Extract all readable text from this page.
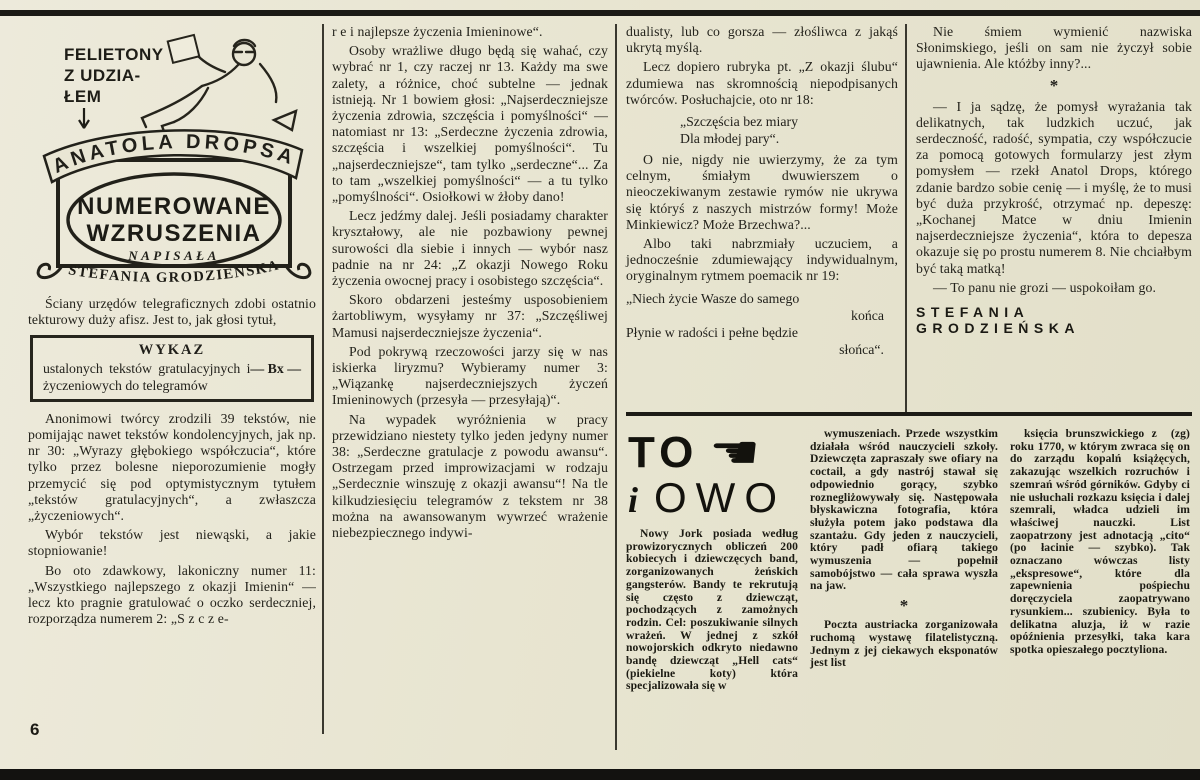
FELIETONY
Z UDZIA-
ŁEM
ANATOLA DROPSA
NUMEROWANE
WZRUSZENIA
NAPISAŁA
STEFANIA GRODZIEŃSKA

Ściany urzędów telegraficznych zdobi ostatnio tekturowy duży afisz. Jest to, jak głosi tytuł,

WYKAZ

— Bx —
ustalonych tekstów gratulacyjnych i życzeniowych do telegramów

Anonimowi twórcy zrodzili 39 tekstów, nie pomijając nawet tekstów kondolencyjnych, jak np. nr 30: „Wyrazy głębokiego współczucia“, które tylko przez bolesne nieporozumienie mogły przemycić się pod optymistycznym tytułem „tekstów gratulacyjnych“, a zwłaszcza „życzeniowych“.

Wybór tekstów jest niewąski, a jakie stopniowanie!

Bo oto zdawkowy, lakoniczny numer 11: „Wszystkiego najlepszego z okazji Imienin“ — lecz kto pragnie gratulować o oczko serdeczniej, rozporządza numerem 2: „S z c z e-

r e i najlepsze życzenia Imieninowe“.

Osoby wrażliwe długo będą się wahać, czy wybrać nr 1, czy raczej nr 13. Każdy ma swe zalety, a różnice, choć subtelne — jednak istnieją. Nr 1 bowiem głosi: „Najserdeczniejsze życzenia zdrowia, szczęścia i pomyślności“ — natomiast nr 13: „Serdeczne życzenia zdrowia, szczęścia i wszelkiej pomyślności“. Tu „najserdeczniejsze“, tam tylko „serdeczne“... Za to tam „wszelkiej pomyślności“ — a tu tylko „pomyślności“. Osiołkowi w żłoby dano!

Lecz jedźmy dalej. Jeśli posiadamy charakter kryształowy, ale nie pozbawiony pewnej surowości dla siebie i innych — wybór nasz padnie na nr 24: „Z okazji Nowego Roku życzenia owocnej pracy i osobistego szczęścia“.

Skoro obdarzeni jesteśmy usposobieniem żartobliwym, wysyłamy nr 37: „Szczęśliwej Mamusi najserdeczniejsze życzenia“.

Pod pokrywą rzeczowości jarzy się w nas iskierka liryzmu? Wybieramy numer 3: „Wiązankę najserdeczniejszych życzeń Imieninowych (przesyła — przesyłają)“.

Na wypadek wyróżnienia w pracy przewidziano niestety tylko jeden jedyny numer 38: „Serdeczne gratulacje z powodu awansu“. Ostrzegam przed improwizacjami w rodzaju „Serdecznie winszuję z okazji awansu“! Na tle kilkudziesięciu telegramów z tekstem nr 38 można na awansowanym wywrzeć wrażenie niebezpiecznego indywi-

dualisty, lub co gorsza — złośliwca z jakąś ukrytą myślą.

Lecz dopiero rubryka pt. „Z okazji ślubu“ zdumiewa nas skromnością niepodpisanych twórców. Posłuchajcie, oto nr 18:

„Szczęścia bez miary
Dla młodej pary“.

O nie, nigdy nie uwierzymy, że za tym celnym, śmiałym dwuwierszem o nieoczekiwanym zestawie rymów nie ukrywa się któryś z naszych mistrzów formy! Może Minkiewicz? Może Brzechwa?...

Albo taki nabrzmiały uczuciem, a jednocześnie zdumiewający indywidualnym, oryginalnym rytmem poemacik nr 19:

„Niech życie Wasze do samego
końca
Płynie w radości i pełne będzie
słońca“.

Nie śmiem wymienić nazwiska Słonimskiego, jeśli on sam nie życzył sobie ujawnienia. Ale któżby inny?...

*

— I ja sądzę, że pomysł wyrażania tak delikatnych, tak ludzkich uczuć, jak serdeczność, radość, sympatia, czy współczucie za pomocą gotowych formularzy jest złym pomysłem — rzekł Anatol Drops, którego zdanie bardzo sobie cenię — i myślę, że to musi być duża przykrość, otrzymać np. depeszę: „Kochanej Matce w dniu Imienin najserdeczniejsze życzenia“, która to depesza okazuje się po prostu numerem 8. Nie chciałbym być taką matką!

— To panu nie grozi — uspokoiłam go.

STEFANIA GRODZIEŃSKA
TO ☚
i OWO

Nowy Jork posiada według prowizorycznych obliczeń 200 kobiecych i dziewczęcych band, zorganizowanych żeńskich gangsterów. Bandy te rekrutują się często z dziewcząt, pochodzących z zamożnych rodzin. Cel: poszukiwanie silnych wrażeń. W jednej z szkół nowojorskich odkryto niedawno bandę dziewcząt „Hell cats“ (piekielne koty) która specjalizowała się w

wymuszeniach. Przede wszystkim działała wśród nauczycieli szkoły. Dziewczęta zapraszały swe ofiary na coctail, a gdy nastrój stawał się odpowiednio gorący, szybko roznegliżowywały się. Następowała błyskawiczna fotografia, która służyła potem jako podstawa dla szantażu. Gdy jeden z nauczycieli, który padł ofiarą takiego wymuszenia — popełnił samobójstwo — cała sprawa wyszła na jaw.

*

Poczta austriacka zorganizowała ruchomą wystawę filatelistyczną. Jednym z jej ciekawych eksponatów jest list

(zg)
księcia brunszwickiego z roku 1770, w którym zwraca się on do zarządu kopalń książęcych, zakazując wszelkich rozruchów i szemrań wśród górników. Gdyby ci nie usłuchali rozkazu księcia i dalej szemrali, władca udzieli im właściwej nauczki. List zaopatrzony jest adnotacją „cito“ (po łacinie — szybko). Tak oznaczano wówczas listy „ekspresowe“, które dla zapewnienia pośpiechu doręczyciela zaopatrywano rysunkiem... szubienicy. Była to delikatna aluzja, iż w razie opóźnienia przesyłki, taka kara spotka opieszałego pocztyliona.

6
